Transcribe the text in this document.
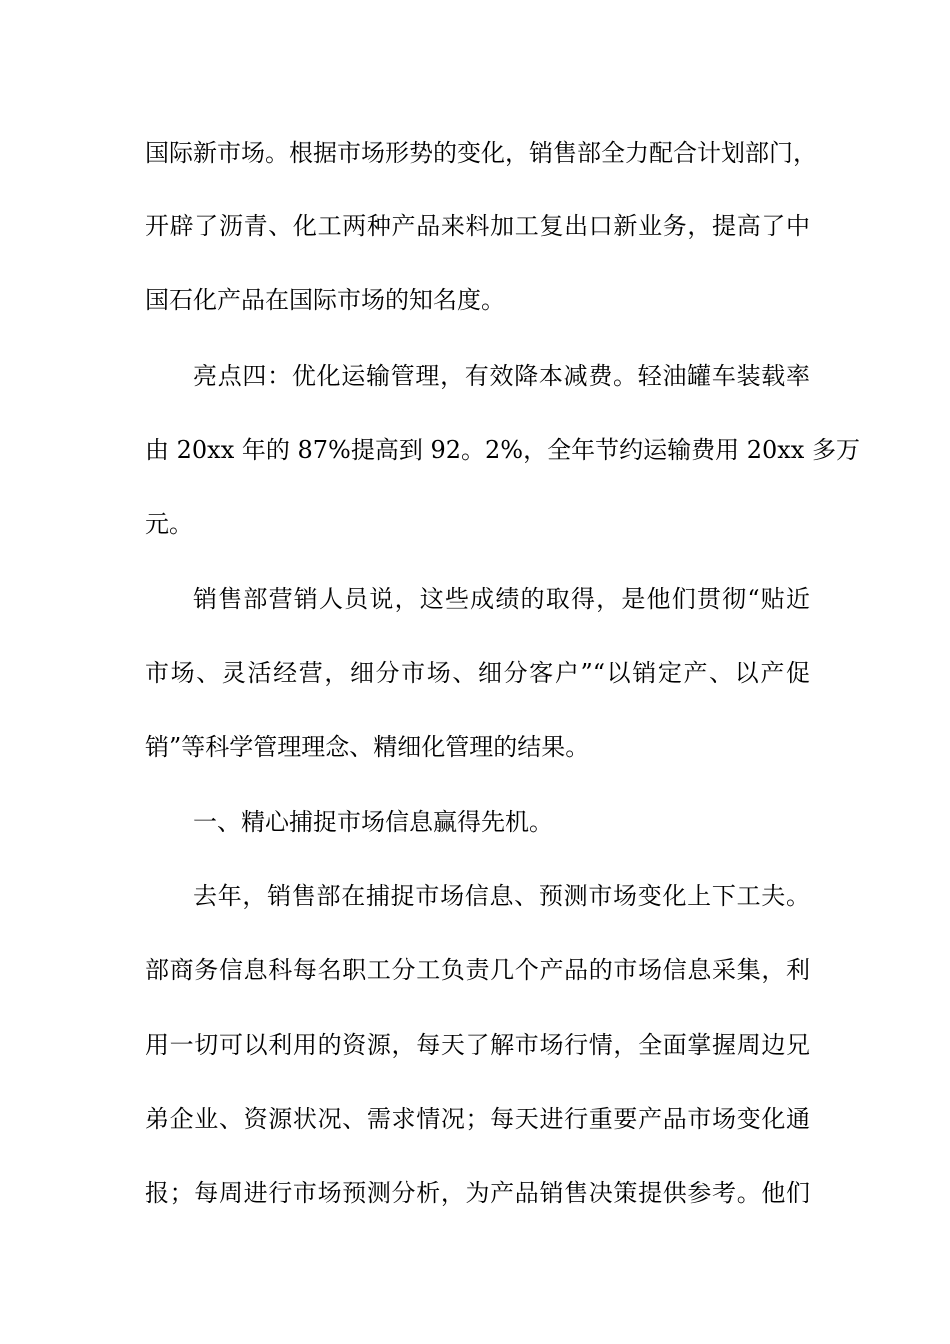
国际新市场。根据市场形势的变化，销售部全力配合计划部门，
开辟了沥青、化工两种产品来料加工复出口新业务，提高了中
国石化产品在国际市场的知名度。
亮点四：优化运输管理，有效降本减费。轻油罐车装载率
由 20xx 年的 87%提高到 92。2%，全年节约运输费用 20xx 多万
元。
销售部营销人员说，这些成绩的取得，是他们贯彻“贴近
市场、灵活经营，细分市场、细分客户”“以销定产、以产促
销”等科学管理理念、精细化管理的结果。
一、精心捕捉市场信息赢得先机。
去年，销售部在捕捉市场信息、预测市场变化上下工夫。
部商务信息科每名职工分工负责几个产品的市场信息采集，利
用一切可以利用的资源，每天了解市场行情，全面掌握周边兄
弟企业、资源状况、需求情况；每天进行重要产品市场变化通
报；每周进行市场预测分析，为产品销售决策提供参考。他们
